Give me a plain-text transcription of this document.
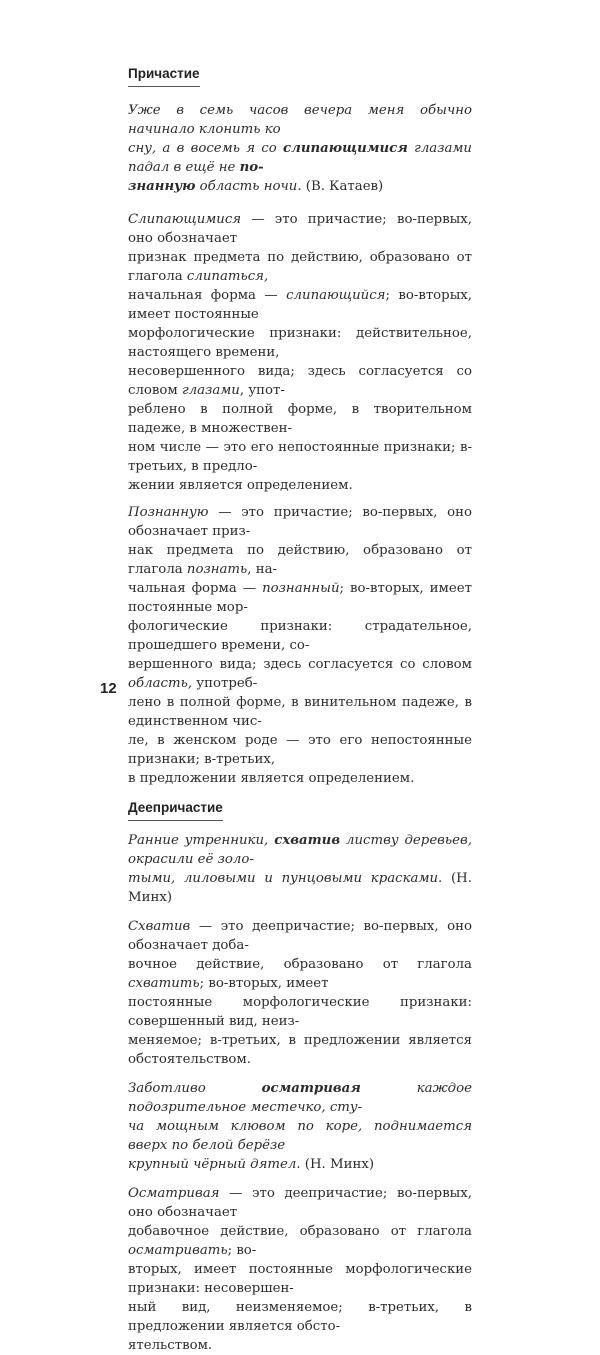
Причастие

Уже в семь часов вечера меня обычно начинало клонить ко
сну, а в восемь я со слипающимися глазами падал в ещё не по-
знанную область ночи. (В. Катаев)

Слипающимися — это причастие; во-первых, оно обозначает
признак предмета по действию, образовано от глагола слипаться,
начальная форма — слипающийся; во-вторых, имеет постоянные
морфологические признаки: действительное, настоящего времени,
несовершенного вида; здесь согласуется со словом глазами, упот-
реблено в полной форме, в творительном падеже, в множествен-
ном числе — это его непостоянные признаки; в-третьих, в предло-
жении является определением.

Познанную — это причастие; во-первых, оно обозначает приз-
нак предмета по действию, образовано от глагола познать, на-
чальная форма — познанный; во-вторых, имеет постоянные мор-
фологические признаки: страдательное, прошедшего времени, со-
вершенного вида; здесь согласуется со словом область, употреб-
лено в полной форме, в винительном падеже, в единственном чис-
ле, в женском роде — это его непостоянные признаки; в-третьих,
в предложении является определением.

Деепричастие

Ранние утренники, схватив листву деревьев, окрасили её золо-
тыми, лиловыми и пунцовыми красками. (Н. Минх)

Схватив — это деепричастие; во-первых, оно обозначает доба-
вочное действие, образовано от глагола схватить; во-вторых, имеет
постоянные морфологические признаки: совершенный вид, неиз-
меняемое; в-третьих, в предложении является обстоятельством.

Заботливо осматривая каждое подозрительное местечко, сту-
ча мощным клювом по коре, поднимается вверх по белой берёзе
крупный чёрный дятел. (Н. Минх)

Осматривая — это деепричастие; во-первых, оно обозначает
добавочное действие, образовано от глагола осматривать; во-
вторых, имеет постоянные морфологические признаки: несовершен-
ный вид, неизменяемое; в-третьих, в предложении является обсто-
ятельством.

12
